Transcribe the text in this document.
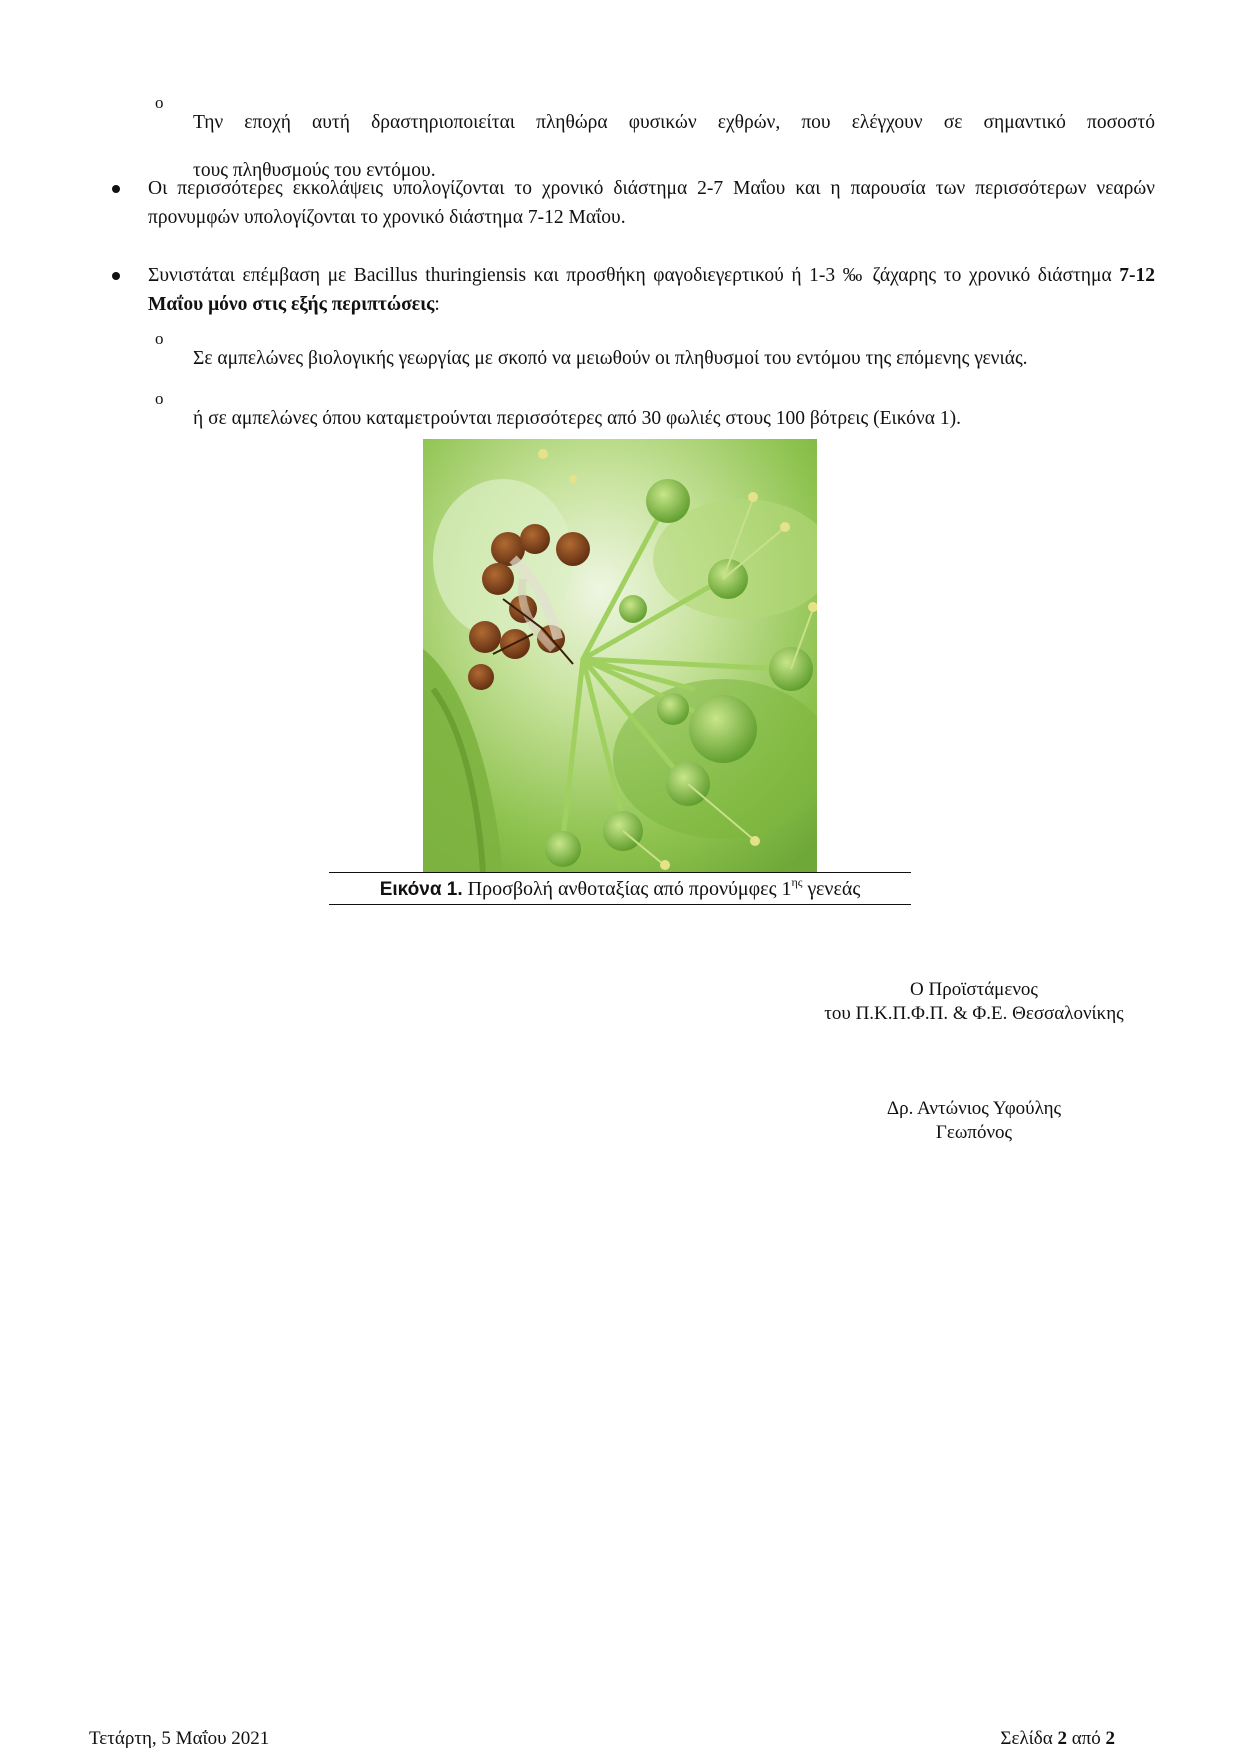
o

Την εποχή αυτή δραστηριοποιείται πληθώρα φυσικών εχθρών, που ελέγχουν σε σημαντικό ποσοστό

τους πληθυσμούς του εντόμου.

Οι περισσότερες εκκολάψεις υπολογίζονται το χρονικό διάστημα 2-7 Μαΐου και η παρουσία των περισσότερων νεαρών προνυμφών υπολογίζονται το χρονικό διάστημα 7-12 Μαΐου.

Συνιστάται επέμβαση με Bacillus thuringiensis και προσθήκη φαγοδιεγερτικού ή 1-3 ‰ ζάχαρης το χρονικό διάστημα 7-12 Μαΐου μόνο στις εξής περιπτώσεις:

o

Σε αμπελώνες βιολογικής γεωργίας με σκοπό να μειωθούν οι πληθυσμοί του εντόμου της επόμενης γενιάς.

o

ή σε αμπελώνες όπου καταμετρούνται περισσότερες από 30 φωλιές στους 100 βότρεις (Εικόνα 1).

Εικόνα 1. Προσβολή ανθοταξίας από προνύμφες $1^{\eta\varsigma}$ γενεάς
Ο Προϊστάμενος
του Π.Κ.Π.Φ.Π. & Φ.Ε. Θεσσαλονίκης
Δρ. Αντώνιος Υφούλης
Γεωπόνος
Τετάρτη, 5 Μαΐου 2021	Σελίδα 2 από 2
